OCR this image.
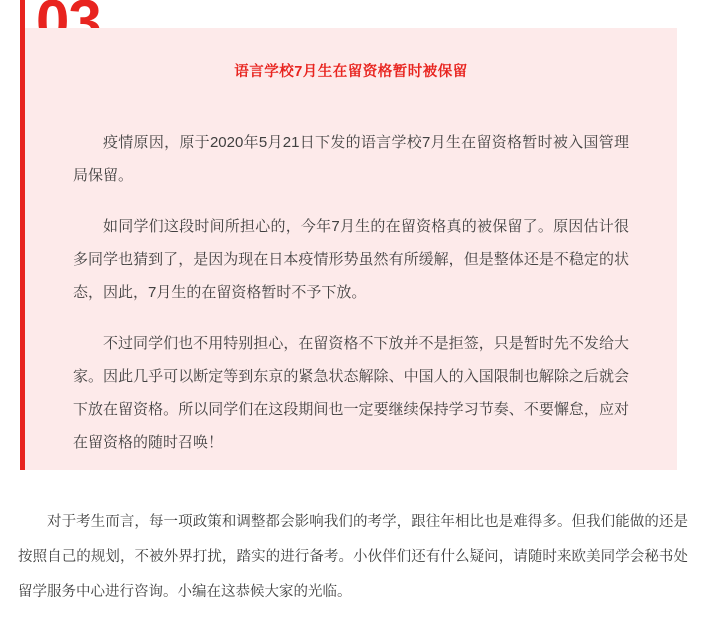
语言学校7月生在留资格暂时被保留

疫情原因，原于2020年5月21日下发的语言学校7月生在留资格暂时被入国管理局保留。

如同学们这段时间所担心的，今年7月生的在留资格真的被保留了。原因估计很多同学也猜到了，是因为现在日本疫情形势虽然有所缓解，但是整体还是不稳定的状态，因此，7月生的在留资格暂时不予下放。

不过同学们也不用特别担心，在留资格不下放并不是拒签，只是暂时先不发给大家。因此几乎可以断定等到东京的紧急状态解除、中国人的入国限制也解除之后就会下放在留资格。所以同学们在这段期间也一定要继续保持学习节奏、不要懈怠，应对在留资格的随时召唤！

对于考生而言，每一项政策和调整都会影响我们的考学，跟往年相比也是难得多。但我们能做的还是按照自己的规划，不被外界打扰，踏实的进行备考。小伙伴们还有什么疑问，请随时来欧美同学会秘书处留学服务中心进行咨询。小编在这恭候大家的光临。
